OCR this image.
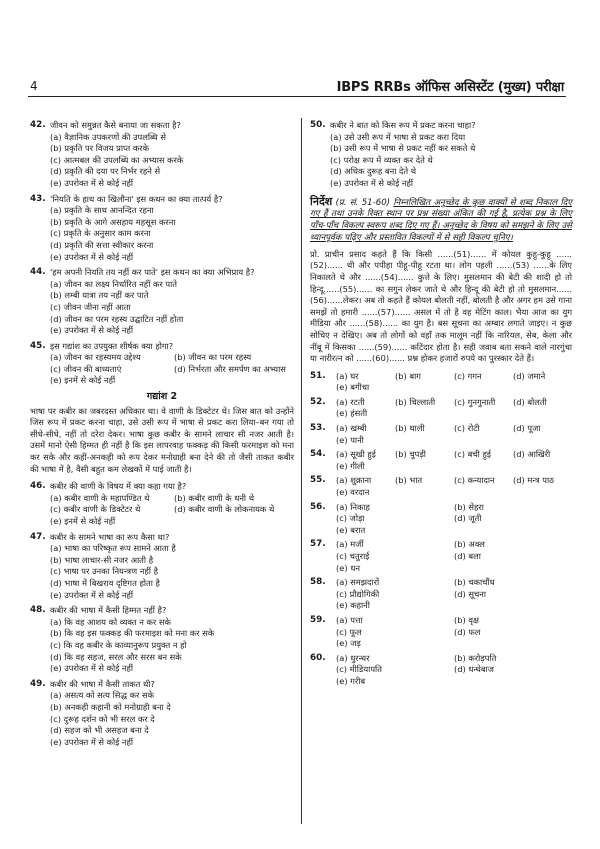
4	IBPS RRBs ऑफिस असिस्टेंट (मुख्य) परीक्षा
42. जीवन को समुन्नत कैसे बनाया जा सकता है?
(a) वैज्ञानिक उपकरणों की उपलब्धि से
(b) प्रकृति पर विजय प्राप्त करके
(c) आत्मबल की उपलब्धि का अभ्यास करके
(d) प्रकृति की दया पर निर्भर रहने से
(e) उपरोक्त में से कोई नहीं
43. 'नियति के हाथ का खिलौना' इस कथन का क्या तात्पर्य है?
(a) प्रकृति के साथ आनन्दित रहना
(b) प्रकृति के आगे असहाय महसूस करना
(c) प्रकृति के अनुसार काम करना
(d) प्रकृति की सत्ता स्वीकार करना
(e) उपरोक्त में से कोई नहीं
44. 'हम अपनी नियति तय नहीं कर पाते' इस कथन का क्या अभिप्राय है?
(a) जीवन का लक्ष्य निर्धारित नहीं कर पाते
(b) लम्बी यात्रा तय नहीं कर पाते
(c) जीवन जीना नहीं आता
(d) जीवन का परम रहस्य उद्घाटित नहीं होता
(e) उपरोक्त में से कोई नहीं
45. इस गद्यांश का उपयुक्त शीर्षक क्या होगा?
(a) जीवन का रहस्यमय उद्देश्य	(b) जीवन का परम रहस्य
(c) जीवन की बाध्यताएं	(d) निर्भरता और समर्पण का अभ्यास
(e) इनमें से कोई नहीं
गद्यांश 2
भाषा पर कबीर का जबरदस्त अधिकार था। वे वाणी के डिक्टेटर थे। जिस बात को उन्होंने जिस रूप में प्रकट करना चाहा, उसे उसी रूप में भाषा से प्रकट करा लिया–बन गया तो सीधे-सीधे, नहीं तो दरेरा देकर। भाषा कुछ कबीर के सामने लाचार सी नजर आती है। उसमें मानो ऐसी हिम्मत ही नहीं है कि इस लापरवाह फक्कड़ की किसी फरमाइश को मना कर सके और कहीं-अनकही को रूप देकर मनोग्राही बना देने की तो जैसी ताकत कबीर की भाषा में है, वैसी बहुत कम लेखकों में पाई जाती है।
46. कबीर की वाणी के विषय में क्या कहा गया है?
(a) कबीर वाणी के महापण्डित थे	(b) कबीर वाणी के धनी थे
(c) कबीर वाणी के डिक्टेटर थे	(d) कबीर वाणी के लोकनायक थे
(e) इनमें से कोई नहीं
47. कबीर के सामने भाषा का रूप कैसा था?
(a) भाषा का परिष्कृत रूप सामने आता है
(b) भाषा लाचार-सी नजर आती है
(c) भाषा पर उनका नियन्त्रण नहीं है
(d) भाषा में बिखराव दृष्टिगत होता है
(e) उपरोक्त में से कोई नहीं
48. कबीर की भाषा में कैसी हिम्मत नहीं है?
(a) कि वह आशय को व्यक्त न कर सके
(b) कि वह इस फक्कड़ की फरमाइश को मना कर सके
(c) कि वह कबीर के काव्यानुरूप प्रयुक्त न हो
(d) कि वह सहज, सरल और सरस बन सके
(e) उपरोक्त में से कोई नहीं
49. कबीर की भाषा में कैसी ताकत थी?
(a) असत्य को सत्य सिद्ध कर सके
(b) अनकही कहानी को मनोग्राही बना दे
(c) दुरूह दर्शन को भी सरल कर दे
(d) सहज को भी असहज बना दे
(e) उपरोक्त में से कोई नहीं
50. कबीर ने बात को किस रूप में प्रकट करना चाहा?
(a) उसे उसी रूप में भाषा से प्रकट करा दिया
(b) उसी रूप में भाषा से प्रकट नहीं कर सकते थे
(c) परोक्ष रूप में व्यक्त कर देते थे
(d) अधिक दुरूह बना देते थे
(e) उपरोक्त में से कोई नहीं
निर्देश (प्र. सं. 51-60) निम्नलिखित अनुच्छेद के कुछ वाक्यों से शब्द निकाल दिए गए हैं तथा उनके रिक्त स्थान पर प्रश्न संख्या अंकित की गई है, प्रत्येक प्रश्न के लिए पाँच-पाँच विकल्प स्वरूप शब्द दिए गए हैं। अनुच्छेद के विषय को समझने के लिए उसे ध्यानपूर्वक पढ़िए और प्रस्तावित विकल्पों में से सही विकल्प चुनिए।
प्रो. प्राचीन प्रसाद कहते हैं कि किसी ......(51)...... में कोयल कुहु-कुहु ......(52)...... थी और पपीहा पीहू-पीहू रटता था। लोग पहली ......(53) ......के लिए निकालते थे और ......(54)...... कुत्ते के लिए। मुसलमान की बेटी की शादी हो तो हिन्दू......(55)...... का सगुन लेकर जाते थे और हिन्दू की बेटी हो तो मुसलमान......(56)......लेकर। अब तो कहते हैं कोयल बोलती नहीं, बोलती है और अगर हम उसे गाना समझें तो हमारी ......(57)...... असल में तो है वह मेटिंग काल। भैया आज का युग मीडिया और ......(58)...... का युग है। बस सूचना का अम्बार लगाते जाइए। न कुछ सोचिए न देखिए। अब तो लोगों को वहाँ तक मालूम नहीं कि नारियल, सेब, केला और नींबू में किसका ......(59)...... कटिंदार होता है। सही जवाब बता सकने वाले नारगुंचा या नारीरत्न को ......(60)...... प्रश्न होकर हजारों रुपये का पुरस्कार देते हैं।
51.	(a) घर	(b) बाग	(c) गगन	(d) जमाने
(e) बगीचा
52.	(a) रटती	(b) चिल्लाती	(c) गुनगुनाती	(d) बोलती
(e) हंसती
53.	(a) खम्बी	(b) थाली	(c) रोटी	(d) पूजा
(e) पानी
54.	(a) सूखी हुई	(b) चुपड़ी	(c) बची हुई	(d) आखिरी
(e) गीली
55.	(a) शुक्राना	(b) भात	(c) कन्यादान	(d) मन्त्र पाठ
(e) वरदान
56.	(a) निकाह	(b) सेहरा
(c) जोड़ा	(d) जूती
(e) बरात
57.	(a) मर्जी	(b) अक्ल
(c) चतुराई	(d) बला
(e) धन
58.	(a) समझदारों	(b) चकाचौंध
(c) प्रौद्योगिकी	(d) सूचना
(e) कहानी
59.	(a) पत्ता	(b) वृक्ष
(c) फूल	(d) फल
(e) जड़
60.	(a) धुरन्धर	(b) करोड़पति
(c) मीडियापति	(d) धन्धेबाज
(e) गरीब
